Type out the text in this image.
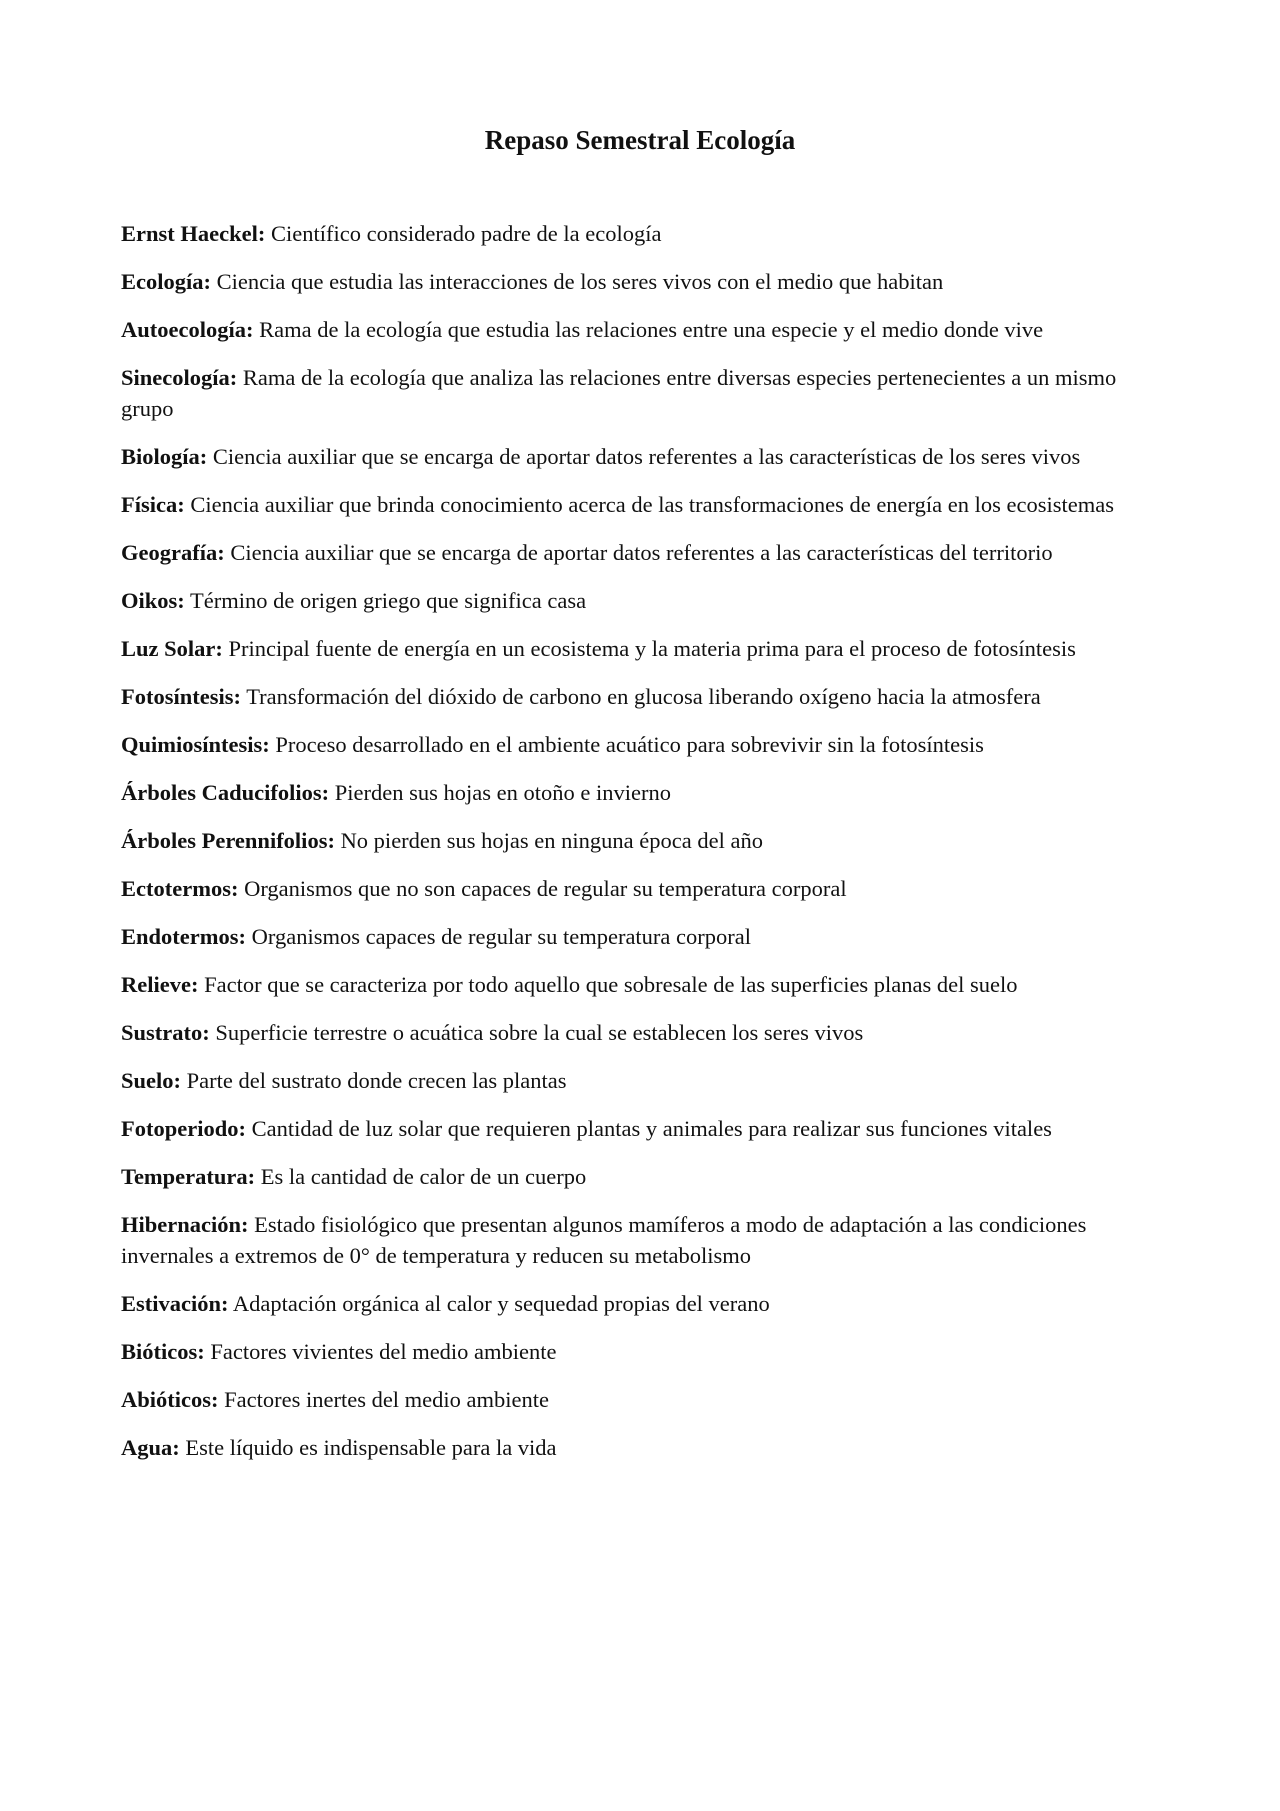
Repaso Semestral Ecología

Ernst Haeckel: Científico considerado padre de la ecología

Ecología: Ciencia que estudia las interacciones de los seres vivos con el medio que habitan

Autoecología: Rama de la ecología que estudia las relaciones entre una especie y el medio donde vive

Sinecología: Rama de la ecología que analiza las relaciones entre diversas especies pertenecientes a un mismo grupo

Biología: Ciencia auxiliar que se encarga de aportar datos referentes a las características de los seres vivos

Física: Ciencia auxiliar que brinda conocimiento acerca de las transformaciones de energía en los ecosistemas

Geografía: Ciencia auxiliar que se encarga de aportar datos referentes a las características del territorio

Oikos: Término de origen griego que significa casa

Luz Solar: Principal fuente de energía en un ecosistema y la materia prima para el proceso de fotosíntesis

Fotosíntesis: Transformación del dióxido de carbono en glucosa liberando oxígeno hacia la atmosfera

Quimiosíntesis: Proceso desarrollado en el ambiente acuático para sobrevivir sin la fotosíntesis

Árboles Caducifolios: Pierden sus hojas en otoño e invierno

Árboles Perennifolios: No pierden sus hojas en ninguna época del año

Ectotermos: Organismos que no son capaces de regular su temperatura corporal

Endotermos: Organismos capaces de regular su temperatura corporal

Relieve: Factor que se caracteriza por todo aquello que sobresale de las superficies planas del suelo

Sustrato: Superficie terrestre o acuática sobre la cual se establecen los seres vivos

Suelo: Parte del sustrato donde crecen las plantas

Fotoperiodo: Cantidad de luz solar que requieren plantas y animales para realizar sus funciones vitales

Temperatura: Es la cantidad de calor de un cuerpo

Hibernación: Estado fisiológico que presentan algunos mamíferos a modo de adaptación a las condiciones invernales a extremos de 0° de temperatura y reducen su metabolismo

Estivación: Adaptación orgánica al calor y sequedad propias del verano

Bióticos: Factores vivientes del medio ambiente

Abióticos: Factores inertes del medio ambiente

Agua: Este líquido es indispensable para la vida
